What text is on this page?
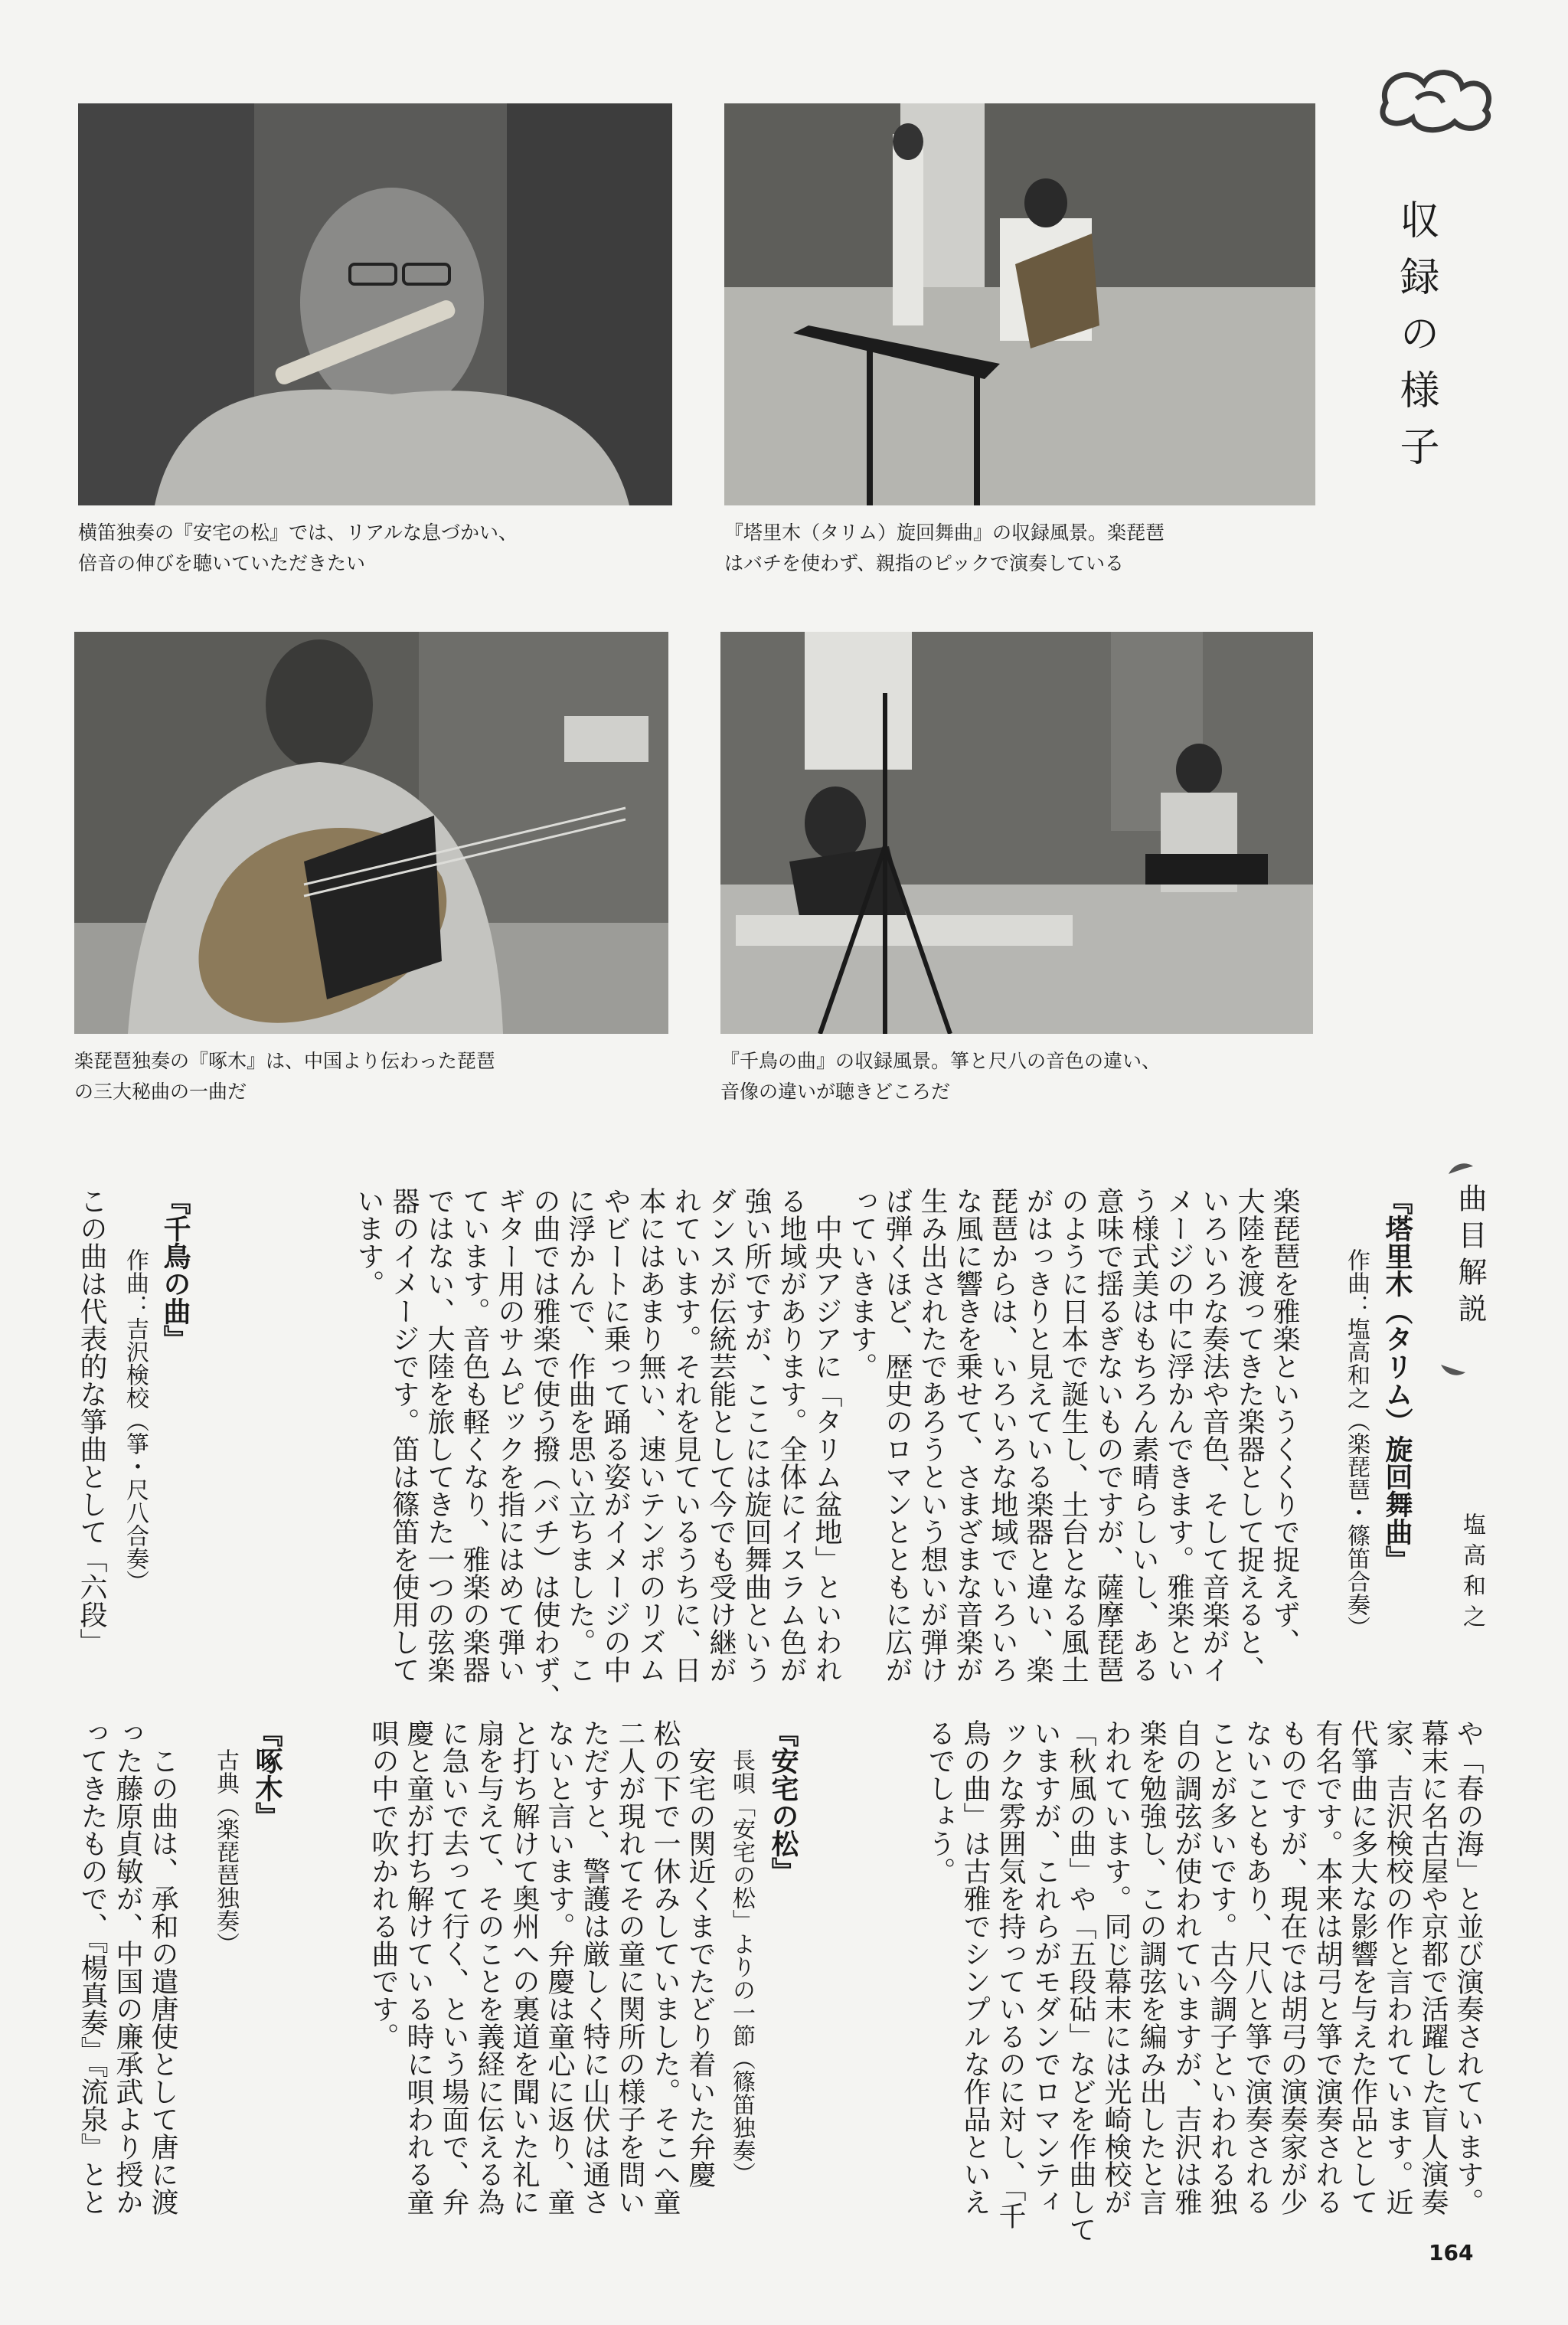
収録の様子
横笛独奏の『安宅の松』では、リアルな息づかい、
倍音の伸びを聴いていただきたい
『塔里木（タリム）旋回舞曲』の収録風景。楽琵琶
はバチを使わず、親指のピックで演奏している
楽琵琶独奏の『啄木』は、中国より伝わった琵琶
の三大秘曲の一曲だ
『千鳥の曲』の収録風景。箏と尺八の音色の違い、
音像の違いが聴きどころだ
曲目解説
塩高和之
『塔里木（タリム）旋回舞曲』
作曲：塩高和之（楽琵琶・篠笛合奏）
楽琵琶を雅楽というくくりで捉えず、
大陸を渡ってきた楽器として捉えると、
いろいろな奏法や音色、そして音楽がイ
メージの中に浮かんできます。雅楽とい
う様式美はもちろん素晴らしいし、ある
意味で揺るぎないものですが、薩摩琵琶
のように日本で誕生し、土台となる風土
がはっきりと見えている楽器と違い、楽
琵琶からは、いろいろな地域でいろいろ
な風に響きを乗せて、さまざまな音楽が
生み出されたであろうという想いが弾け
ば弾くほど、歴史のロマンとともに広が
っていきます。
　中央アジアに「タリム盆地」といわれ
る地域があります。全体にイスラム色が
強い所ですが、ここには旋回舞曲という
ダンスが伝統芸能として今でも受け継が
れています。それを見ているうちに、日
本にはあまり無い、速いテンポのリズム
やビートに乗って踊る姿がイメージの中
に浮かんで、作曲を思い立ちました。こ
の曲では雅楽で使う撥（バチ）は使わず、
ギター用のサムピックを指にはめて弾い
ています。音色も軽くなり、雅楽の楽器
ではない、大陸を旅してきた一つの弦楽
器のイメージです。笛は篠笛を使用して
います。
『千鳥の曲』
作曲：吉沢検校（箏・尺八合奏）
この曲は代表的な箏曲として「六段」
や「春の海」と並び演奏されています。
幕末に名古屋や京都で活躍した盲人演奏
家、吉沢検校の作と言われています。近
代箏曲に多大な影響を与えた作品として
有名です。本来は胡弓と箏で演奏される
ものですが、現在では胡弓の演奏家が少
ないこともあり、尺八と箏で演奏される
ことが多いです。古今調子といわれる独
自の調弦が使われていますが、吉沢は雅
楽を勉強し、この調弦を編み出したと言
われています。同じ幕末には光崎検校が
「秋風の曲」や「五段砧」などを作曲して
いますが、これらがモダンでロマンティ
ックな雰囲気を持っているのに対し、「千
鳥の曲」は古雅でシンプルな作品といえ
るでしょう。
『安宅の松』
長唄「安宅の松」よりの一節（篠笛独奏）
　安宅の関近くまでたどり着いた弁慶
松の下で一休みしていました。そこへ童
二人が現れてその童に関所の様子を問い
ただすと、警護は厳しく特に山伏は通さ
ないと言います。弁慶は童心に返り、童
と打ち解けて奥州への裏道を聞いた礼に
扇を与えて、そのことを義経に伝える為
に急いで去って行く、という場面で、弁
慶と童が打ち解けている時に唄われる童
唄の中で吹かれる曲です。
『啄木』
古典（楽琵琶独奏）
　この曲は、承和の遣唐使として唐に渡
った藤原貞敏が、中国の廉承武より授か
ってきたもので、『楊真奏』『流泉』とと
164
